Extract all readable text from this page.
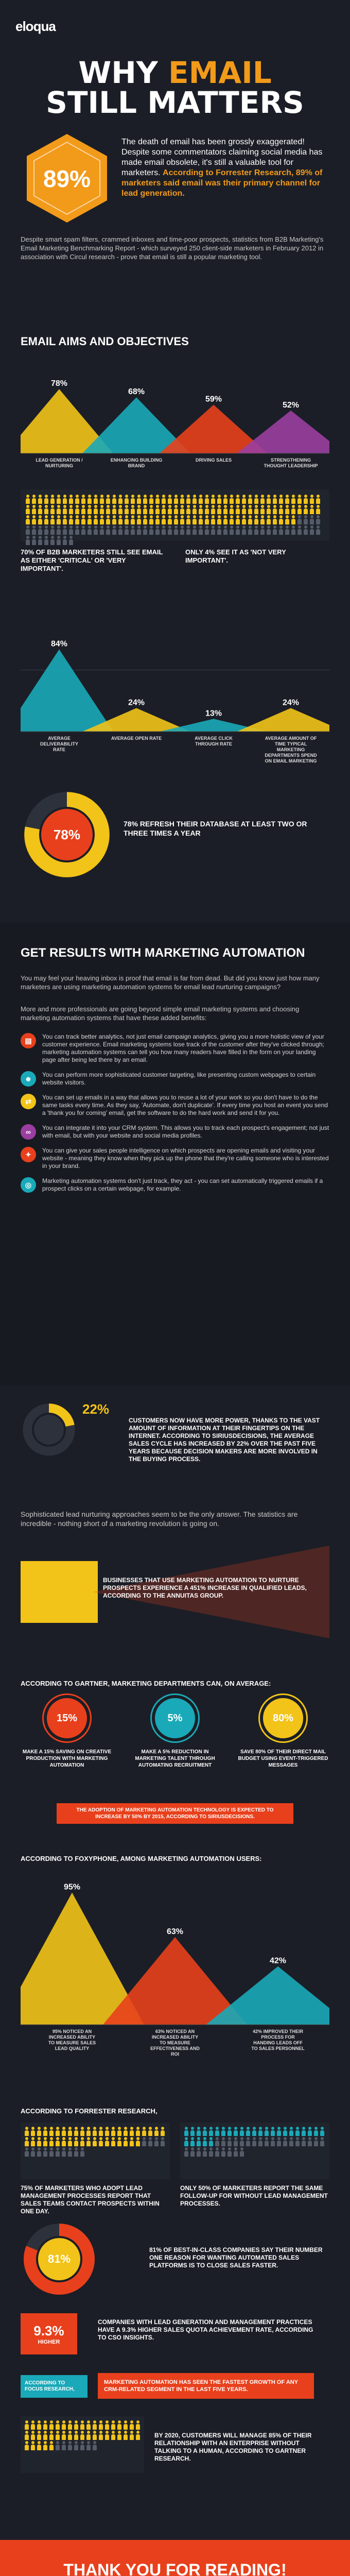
eloqua
WHY EMAIL
STILL MATTERS
89%
The death of email has been grossly exaggerated! Despite some commentators claiming social media has made email obsolete, it's still a valuable tool for marketers. According to Forrester Research, 89% of marketers said email was their primary channel for lead generation.
Despite smart spam filters, crammed inboxes and time-poor prospects, statistics from B2B Marketing's Email Marketing Benchmarking Report - which surveyed 250 client-side marketers in February 2012 in association with Circul research - prove that email is still a popular marketing tool.
EMAIL AIMS AND OBJECTIVES
78%
LEAD GENERATION /
NURTURING
68%
ENHANCING BUILDING
BRAND
59%
DRIVING SALES
52%
STRENGTHENING
THOUGHT LEADERSHIP
70% OF B2B MARKETERS STILL SEE EMAIL AS EITHER 'CRITICAL' OR 'VERY IMPORTANT'.
ONLY 4% SEE IT AS 'NOT VERY IMPORTANT'.
84%
AVERAGE
DELIVERABILITY
RATE
24%
AVERAGE OPEN RATE
13%
AVERAGE CLICK
THROUGH RATE
24%
AVERAGE AMOUNT OF
TIME TYPICAL
MARKETING
DEPARTMENTS SPEND
ON EMAIL MARKETING
78%
78% REFRESH THEIR DATABASE AT LEAST TWO OR THREE TIMES A YEAR
GET RESULTS WITH MARKETING AUTOMATION
You may feel your heaving inbox is proof that email is far from dead. But did you know just how many marketers are using marketing automation systems for email lead nurturing campaigns?
More and more professionals are going beyond simple email marketing systems and choosing marketing automation systems that have these added benefits:
▤	You can track better analytics, not just email campaign analytics, giving you a more holistic view of your customer experience. Email marketing systems lose track of the customer after they've clicked through; marketing automation systems can tell you how many readers have filled in the form on your landing page after being led there by an email.

☻	You can perform more sophisticated customer targeting, like presenting custom webpages to certain website visitors.

⇄	You can set up emails in a way that allows you to reuse a lot of your work so you don't have to do the same tasks every time. As they say, 'Automate, don't duplicate'. If every time you host an event you send a 'thank you for coming' email, get the software to do the hard work and send it for you.

∞	You can integrate it into your CRM system. This allows you to track each prospect's engagement; not just with email, but with your website and social media profiles.

✦	You can give your sales people intelligence on which prospects are opening emails and visiting your website - meaning they know when they pick up the phone that they're calling someone who is interested in your brand.

◎	Marketing automation systems don't just track, they act - you can set automatically triggered emails if a prospect clicks on a certain webpage, for example.

22%
CUSTOMERS NOW HAVE MORE POWER, THANKS TO THE VAST AMOUNT OF INFORMATION AT THEIR FINGERTIPS ON THE INTERNET. ACCORDING TO SIRIUSDECISIONS, THE AVERAGE SALES CYCLE HAS INCREASED BY 22% OVER THE PAST FIVE YEARS BECAUSE DECISION MAKERS ARE MORE INVOLVED IN THE BUYING PROCESS.
Sophisticated lead nurturing approaches seem to be the only answer. The statistics are incredible - nothing short of a marketing revolution is going on.
BUSINESSES THAT USE MARKETING AUTOMATION TO NURTURE PROSPECTS EXPERIENCE A 451% INCREASE IN QUALIFIED LEADS, ACCORDING TO THE ANNUITAS GROUP.
ACCORDING TO GARTNER, MARKETING DEPARTMENTS CAN, ON AVERAGE:
15%
MAKE A 15% SAVING ON CREATIVE PRODUCTION WITH MARKETING AUTOMATION
5%
MAKE A 5% REDUCTION IN MARKETING TALENT THROUGH AUTOMATING RECRUITMENT
80%
SAVE 80% OF THEIR DIRECT MAIL BUDGET USING EVENT-TRIGGERED MESSAGES
THE ADOPTION OF MARKETING AUTOMATION TECHNOLOGY IS EXPECTED TO INCREASE BY 50% BY 2015, ACCORDING TO SIRIUSDECISIONS.
ACCORDING TO FOXYPHONE, AMONG MARKETING AUTOMATION USERS:
95%
95% NOTICED AN
INCREASED ABILITY
TO MEASURE SALES
LEAD QUALITY
63%
63% NOTICED AN
INCREASED ABILITY
TO MEASURE
EFFECTIVENESS AND
ROI
42%
42% IMPROVED THEIR
PROCESS FOR
HANDING LEADS OFF
TO SALES PERSONNEL
ACCORDING TO FORRESTER RESEARCH,
75% OF MARKETERS WHO ADOPT LEAD MANAGEMENT PROCESSES REPORT THAT SALES TEAMS CONTACT PROSPECTS WITHIN ONE DAY.
ONLY 50% OF MARKETERS REPORT THE SAME FOLLOW-UP FOR WITHOUT LEAD MANAGEMENT PROCESSES.
81%
81% OF BEST-IN-CLASS COMPANIES SAY THEIR NUMBER ONE REASON FOR WANTING AUTOMATED SALES PLATFORMS IS TO CLOSE SALES FASTER.
9.3%
HIGHER
COMPANIES WITH LEAD GENERATION AND MANAGEMENT PRACTICES HAVE A 9.3% HIGHER SALES QUOTA ACHIEVEMENT RATE, ACCORDING TO CSO INSIGHTS.
ACCORDING TO FOCUS RESEARCH,
MARKETING AUTOMATION HAS SEEN THE FASTEST GROWTH OF ANY CRM-RELATED SEGMENT IN THE LAST FIVE YEARS.
BY 2020, CUSTOMERS WILL MANAGE 85% OF THEIR RELATIONSHIP WITH AN ENTERPRISE WITHOUT TALKING TO A HUMAN, ACCORDING TO GARTNER RESEARCH.
THANK YOU FOR READING!
